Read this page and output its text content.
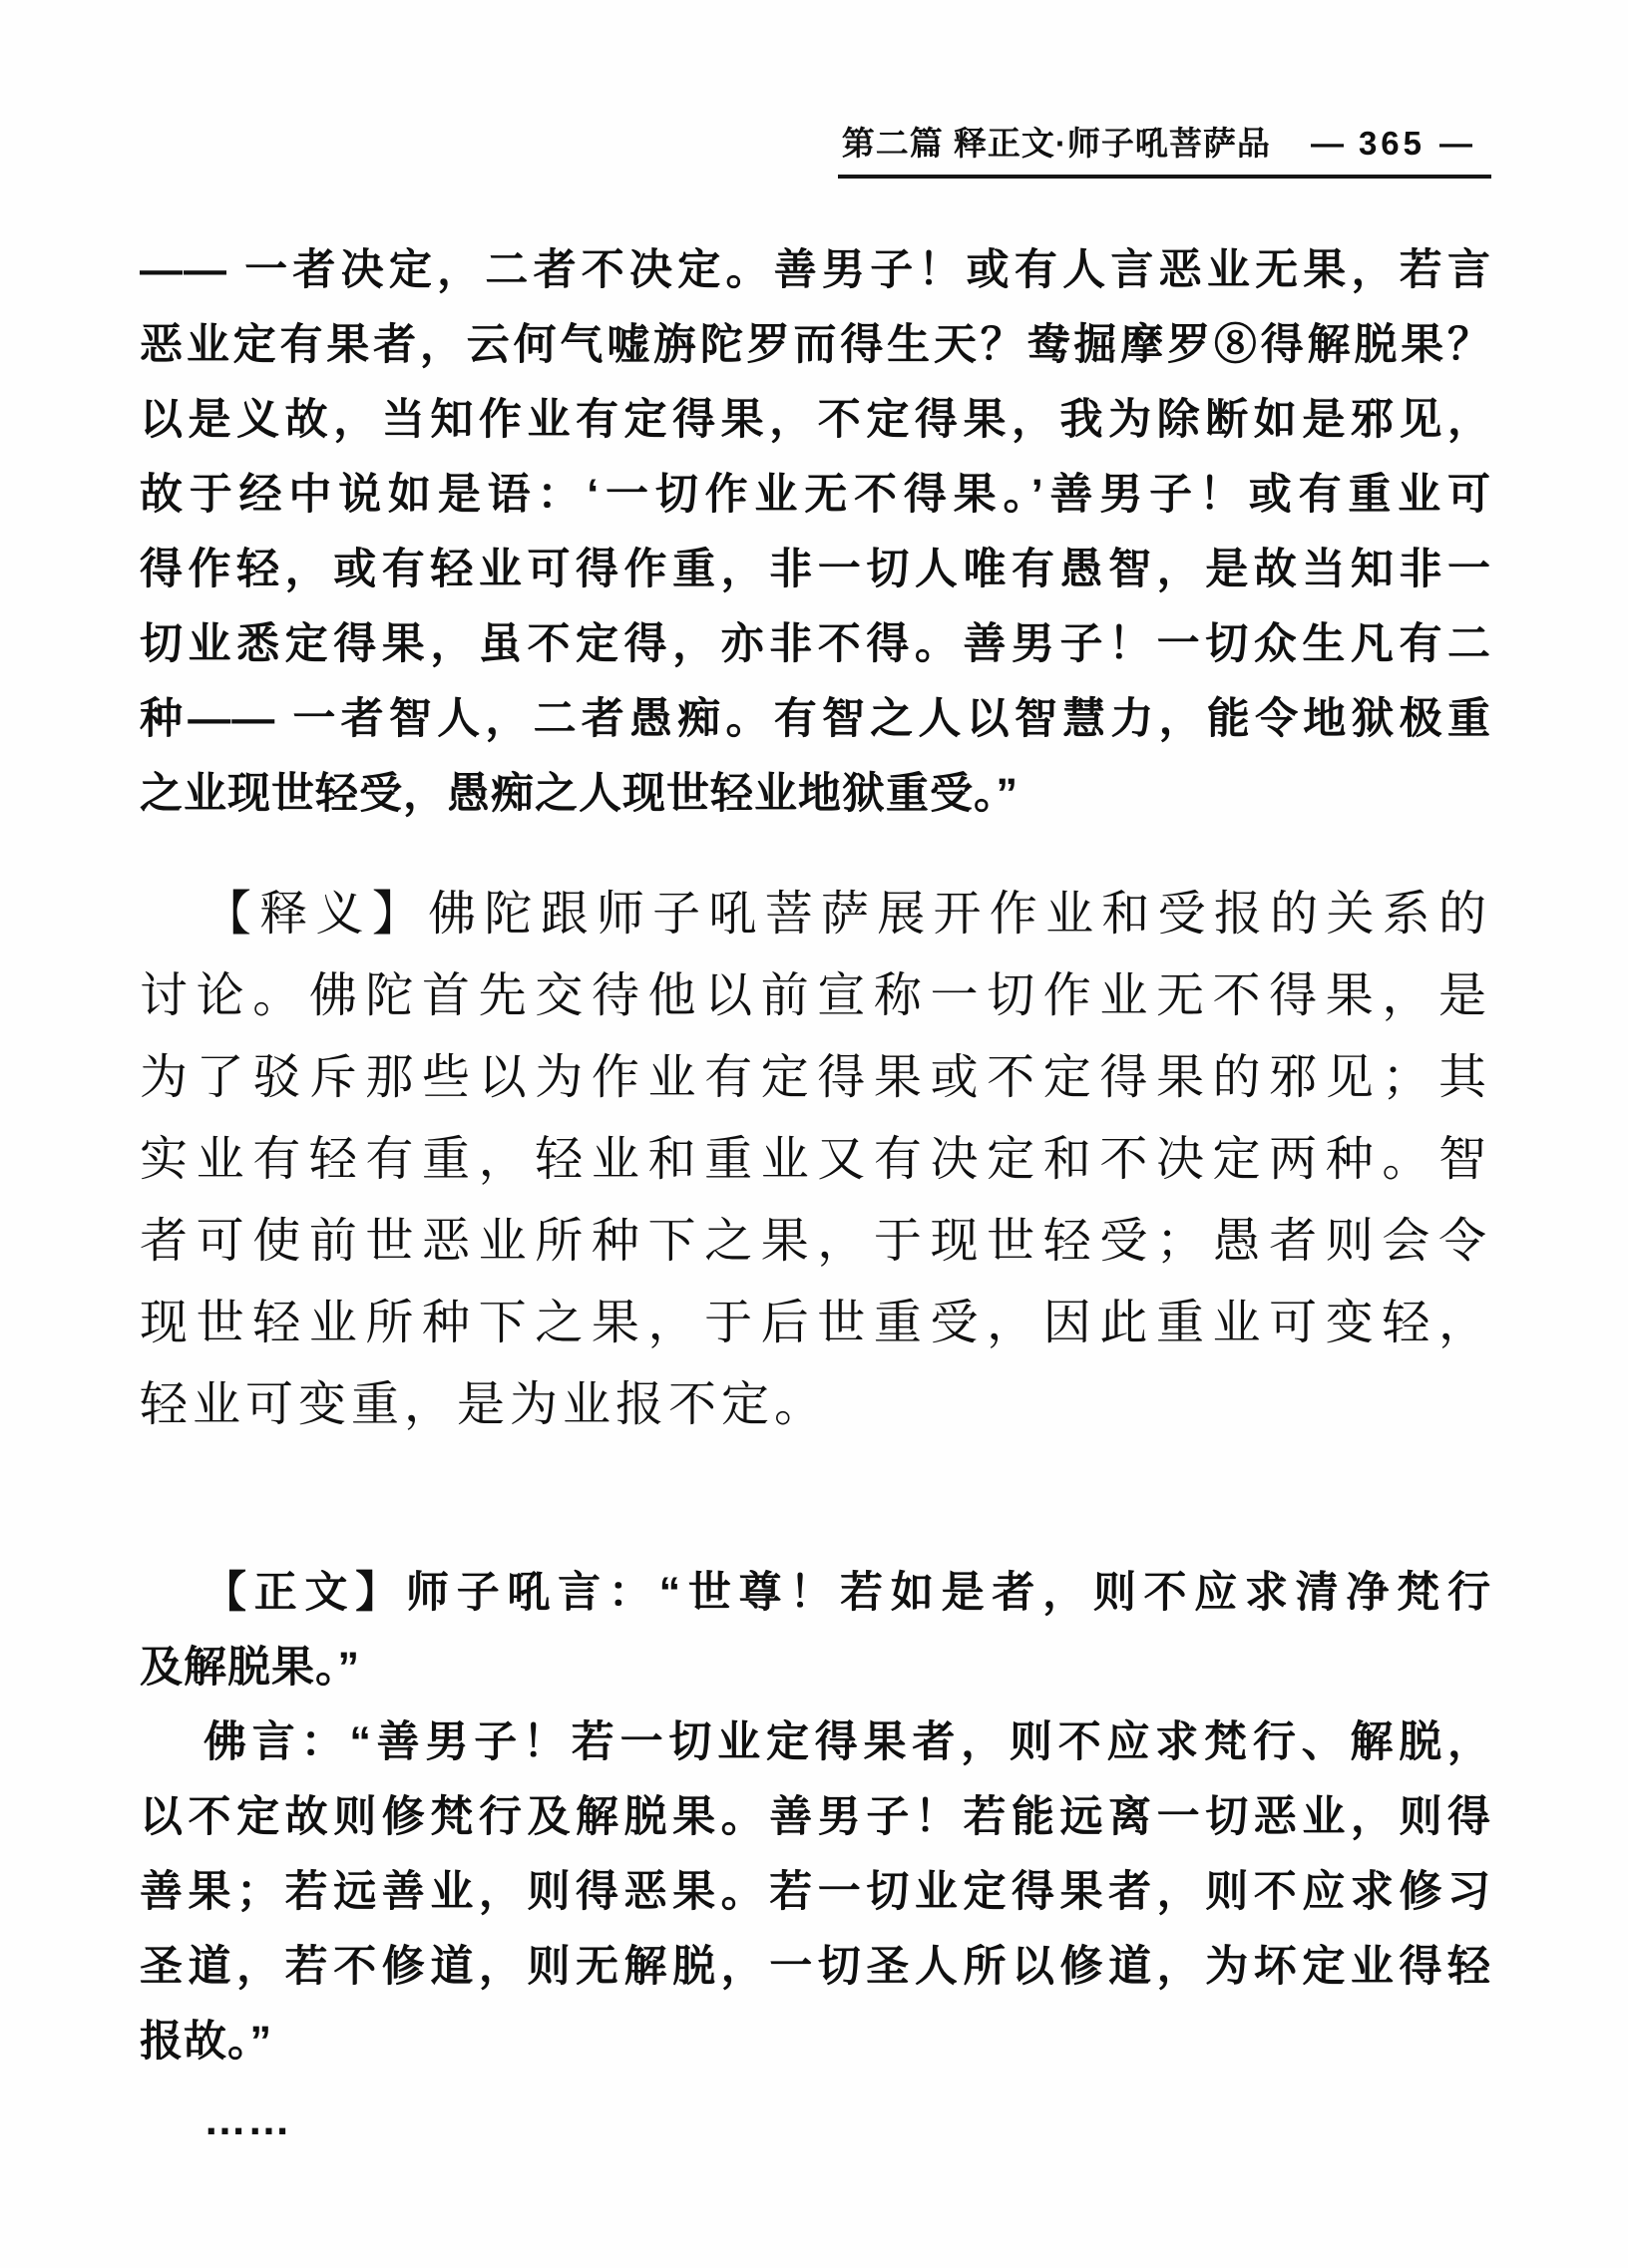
第二篇 释正文·师子吼菩萨品 — 365 —
—— 一者决定，二者不决定。善男子！或有人言恶业无果，若言
恶业定有果者，云何气嘘旃陀罗而得生天？鸯掘摩罗⑧得解脱果？
以是义故，当知作业有定得果，不定得果，我为除断如是邪见，
故于经中说如是语：‘一切作业无不得果。’善男子！或有重业可
得作轻，或有轻业可得作重，非一切人唯有愚智，是故当知非一
切业悉定得果，虽不定得，亦非不得。善男子！一切众生凡有二
种—— 一者智人，二者愚痴。有智之人以智慧力，能令地狱极重
之业现世轻受，愚痴之人现世轻业地狱重受。”
【释义】佛陀跟师子吼菩萨展开作业和受报的关系的
讨论。佛陀首先交待他以前宣称一切作业无不得果，是
为了驳斥那些以为作业有定得果或不定得果的邪见；其
实业有轻有重，轻业和重业又有决定和不决定两种。智
者可使前世恶业所种下之果，于现世轻受；愚者则会令
现世轻业所种下之果，于后世重受，因此重业可变轻，
轻业可变重，是为业报不定。
【正文】师子吼言：“世尊！若如是者，则不应求清净梵行
及解脱果。”
佛言：“善男子！若一切业定得果者，则不应求梵行、解脱，
以不定故则修梵行及解脱果。善男子！若能远离一切恶业，则得
善果；若远善业，则得恶果。若一切业定得果者，则不应求修习
圣道，若不修道，则无解脱，一切圣人所以修道，为坏定业得轻
报故。”
……
